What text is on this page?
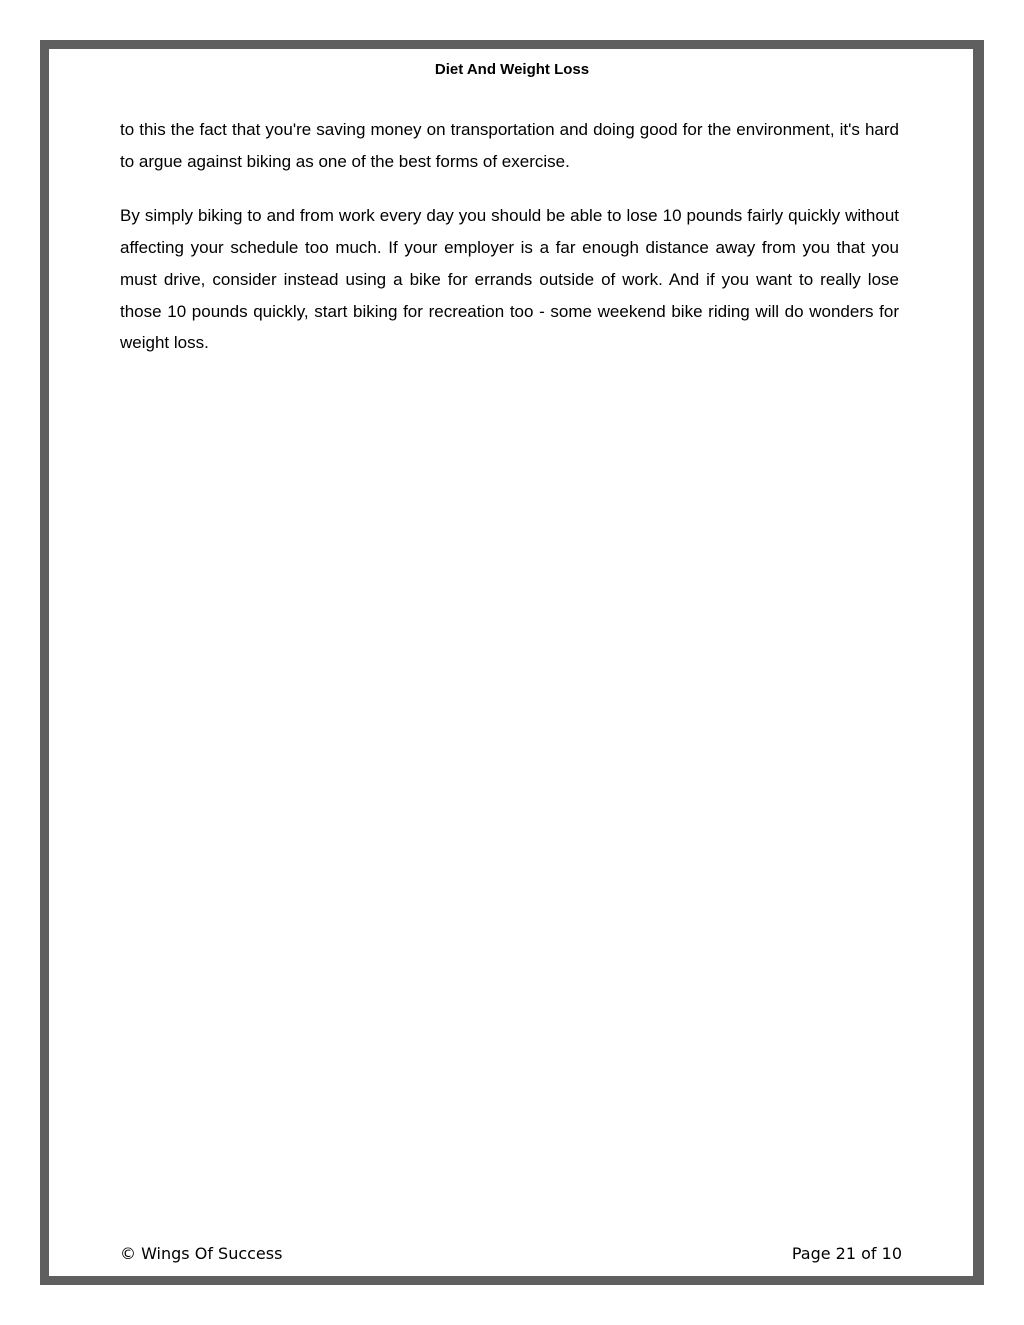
Diet And Weight Loss

to this the fact that you're saving money on transportation and doing good for the environment, it's hard to argue against biking as one of the best forms of exercise.

By simply biking to and from work every day you should be able to lose 10 pounds fairly quickly without affecting your schedule too much. If your employer is a far enough distance away from you that you must drive, consider instead using a bike for errands outside of work. And if you want to really lose those 10 pounds quickly, start biking for recreation too - some weekend bike riding will do wonders for weight loss.

© Wings Of Success	Page 21 of 10
